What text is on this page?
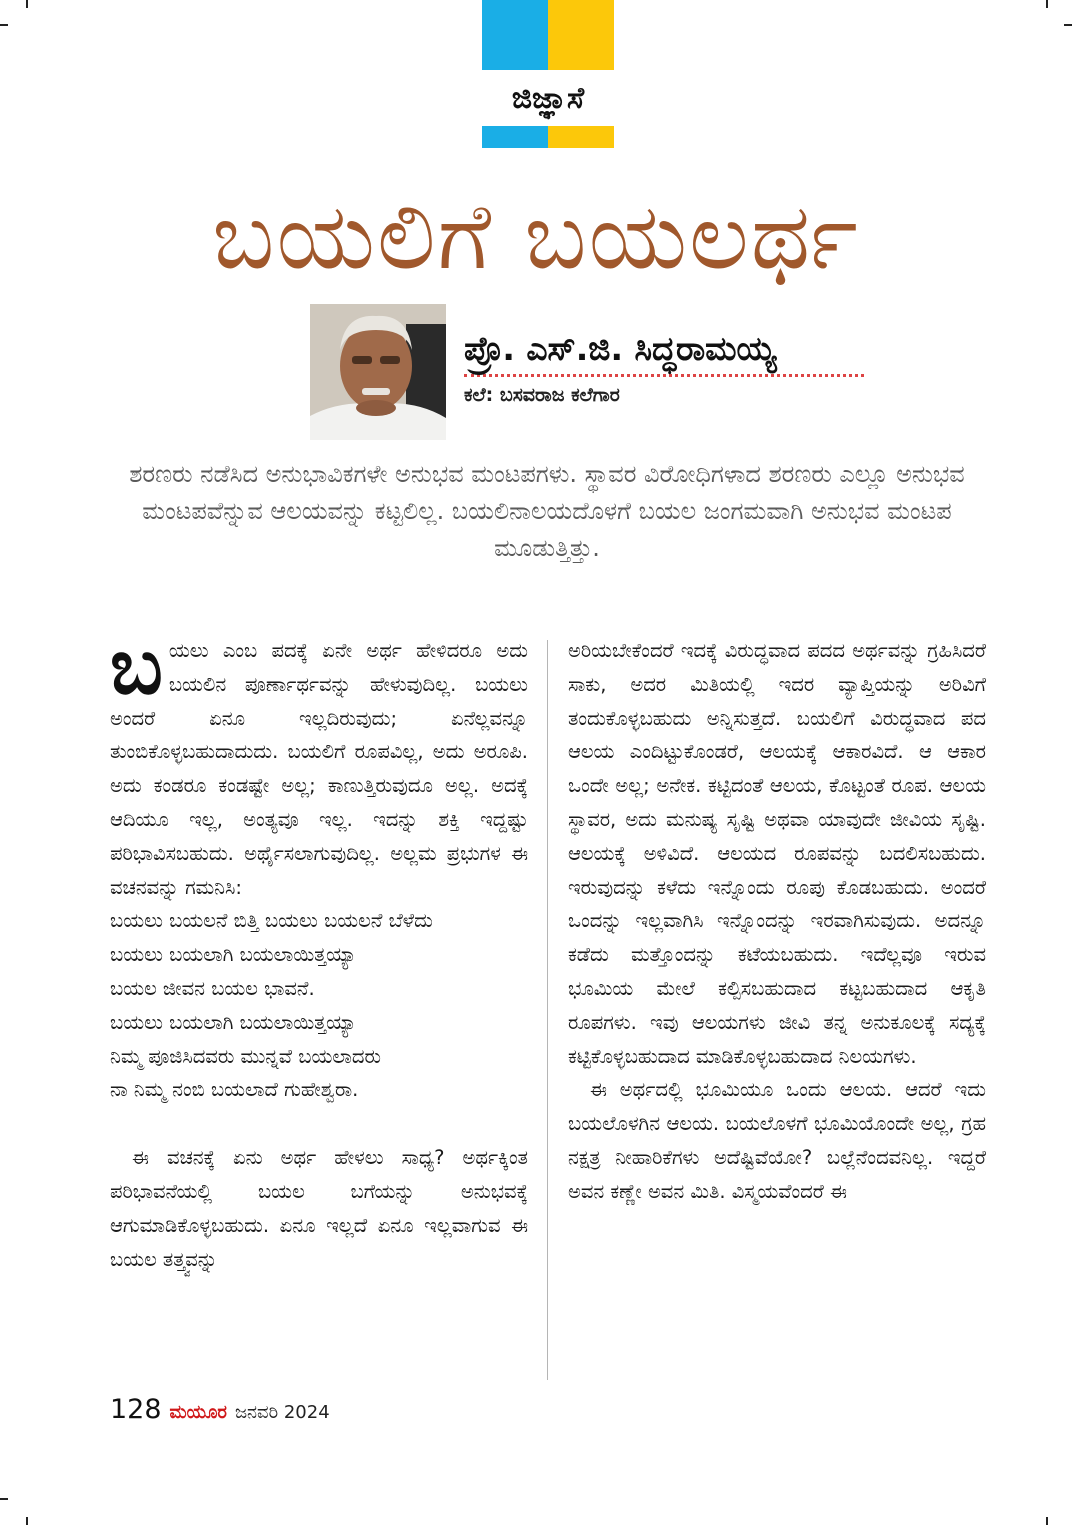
ಜಿಜ್ಞಾಸೆ
ಬಯಲಿಗೆ ಬಯಲರ್ಥ
ಪ್ರೊ. ಎಸ್.ಜಿ. ಸಿದ್ಧರಾಮಯ್ಯ
ಕಲೆ: ಬಸವರಾಜ ಕಲೆಗಾರ
ಶರಣರು ನಡೆಸಿದ ಅನುಭಾವಿಕಗಳೇ ಅನುಭವ ಮಂಟಪಗಳು. ಸ್ಥಾವರ ವಿರೋಧಿಗಳಾದ ಶರಣರು ಎಲ್ಲೂ ಅನುಭವ ಮಂಟಪವೆನ್ನುವ ಆಲಯವನ್ನು ಕಟ್ಟಲಿಲ್ಲ. ಬಯಲಿನಾಲಯದೊಳಗೆ ಬಯಲ ಜಂಗಮವಾಗಿ ಅನುಭವ ಮಂಟಪ ಮೂಡುತ್ತಿತ್ತು.

ಬಯಲು ಎಂಬ ಪದಕ್ಕೆ ಏನೇ ಅರ್ಥ ಹೇಳಿದರೂ ಅದು ಬಯಲಿನ ಪೂರ್ಣಾರ್ಥವನ್ನು ಹೇಳುವುದಿಲ್ಲ. ಬಯಲು ಅಂದರೆ ಏನೂ ಇಲ್ಲದಿರುವುದು; ಏನೆಲ್ಲವನ್ನೂ ತುಂಬಿಕೊಳ್ಳಬಹುದಾದುದು. ಬಯಲಿಗೆ ರೂಪವಿಲ್ಲ, ಅದು ಅರೂಪಿ. ಅದು ಕಂಡರೂ ಕಂಡಷ್ಟೇ ಅಲ್ಲ; ಕಾಣುತ್ತಿರುವುದೂ ಅಲ್ಲ. ಅದಕ್ಕೆ ಆದಿಯೂ ಇಲ್ಲ, ಅಂತ್ಯವೂ ಇಲ್ಲ. ಇದನ್ನು ಶಕ್ತಿ ಇದ್ದಷ್ಟು ಪರಿಭಾವಿಸಬಹುದು. ಅರ್ಥೈಸಲಾಗುವುದಿಲ್ಲ. ಅಲ್ಲಮ ಪ್ರಭುಗಳ ಈ ವಚನವನ್ನು ಗಮನಿಸಿ:

ಬಯಲು ಬಯಲನೆ ಬಿತ್ತಿ ಬಯಲು ಬಯಲನೆ ಬೆಳೆದು

ಬಯಲು ಬಯಲಾಗಿ ಬಯಲಾಯಿತ್ತಯ್ಯಾ

ಬಯಲ ಜೀವನ ಬಯಲ ಭಾವನೆ.

ಬಯಲು ಬಯಲಾಗಿ ಬಯಲಾಯಿತ್ತಯ್ಯಾ

ನಿಮ್ಮ ಪೂಜಿಸಿದವರು ಮುನ್ನವೆ ಬಯಲಾದರು

ನಾ ನಿಮ್ಮ ನಂಬಿ ಬಯಲಾದೆ ಗುಹೇಶ್ವರಾ.

ಈ ವಚನಕ್ಕೆ ಏನು ಅರ್ಥ ಹೇಳಲು ಸಾಧ್ಯ? ಅರ್ಥಕ್ಕಿಂತ ಪರಿಭಾವನೆಯಲ್ಲಿ ಬಯಲ ಬಗೆಯನ್ನು ಅನುಭವಕ್ಕೆ ಆಗುಮಾಡಿಕೊಳ್ಳಬಹುದು. ಏನೂ ಇಲ್ಲದೆ ಏನೂ ಇಲ್ಲವಾಗುವ ಈ ಬಯಲ ತತ್ತ್ವವನ್ನು

ಅರಿಯಬೇಕೆಂದರೆ ಇದಕ್ಕೆ ವಿರುದ್ಧವಾದ ಪದದ ಅರ್ಥವನ್ನು ಗ್ರಹಿಸಿದರೆ ಸಾಕು, ಅದರ ಮಿತಿಯಲ್ಲಿ ಇದರ ವ್ಯಾಪ್ತಿಯನ್ನು ಅರಿವಿಗೆ ತಂದುಕೊಳ್ಳಬಹುದು ಅನ್ನಿಸುತ್ತದೆ. ಬಯಲಿಗೆ ವಿರುದ್ಧವಾದ ಪದ ಆಲಯ ಎಂದಿಟ್ಟುಕೊಂಡರೆ, ಆಲಯಕ್ಕೆ ಆಕಾರವಿದೆ. ಆ ಆಕಾರ ಒಂದೇ ಅಲ್ಲ; ಅನೇಕ. ಕಟ್ಟಿದಂತೆ ಆಲಯ, ಕೊಟ್ಟಂತೆ ರೂಪ. ಆಲಯ ಸ್ಥಾವರ, ಅದು ಮನುಷ್ಯ ಸೃಷ್ಟಿ ಅಥವಾ ಯಾವುದೇ ಜೀವಿಯ ಸೃಷ್ಟಿ. ಆಲಯಕ್ಕೆ ಅಳಿವಿದೆ. ಆಲಯದ ರೂಪವನ್ನು ಬದಲಿಸಬಹುದು. ಇರುವುದನ್ನು ಕಳೆದು ಇನ್ನೊಂದು ರೂಪು ಕೊಡಬಹುದು. ಅಂದರೆ ಒಂದನ್ನು ಇಲ್ಲವಾಗಿಸಿ ಇನ್ನೊಂದನ್ನು ಇರವಾಗಿಸುವುದು. ಅದನ್ನೂ ಕಡೆದು ಮತ್ತೊಂದನ್ನು ಕಟೆಯಬಹುದು. ಇದೆಲ್ಲವೂ ಇರುವ ಭೂಮಿಯ ಮೇಲೆ ಕಲ್ಪಿಸಬಹುದಾದ ಕಟ್ಟಬಹುದಾದ ಆಕೃತಿ ರೂಪಗಳು. ಇವು ಆಲಯಗಳು ಜೀವಿ ತನ್ನ ಅನುಕೂಲಕ್ಕೆ ಸದ್ಯಕ್ಕೆ ಕಟ್ಟಿಕೊಳ್ಳಬಹುದಾದ ಮಾಡಿಕೊಳ್ಳಬಹುದಾದ ನಿಲಯಗಳು.

ಈ ಅರ್ಥದಲ್ಲಿ ಭೂಮಿಯೂ ಒಂದು ಆಲಯ. ಆದರೆ ಇದು ಬಯಲೊಳಗಿನ ಆಲಯ. ಬಯಲೊಳಗೆ ಭೂಮಿಯೊಂದೇ ಅಲ್ಲ, ಗ್ರಹ ನಕ್ಷತ್ರ ನೀಹಾರಿಕೆಗಳು ಅದೆಷ್ಟಿವೆಯೋ? ಬಲ್ಲೆನೆಂದವನಿಲ್ಲ. ಇದ್ದರೆ ಅವನ ಕಣ್ಣೇ ಅವನ ಮಿತಿ. ವಿಸ್ಮಯವೆಂದರೆ ಈ

128 ಮಯೂರ ಜನವರಿ 2024
